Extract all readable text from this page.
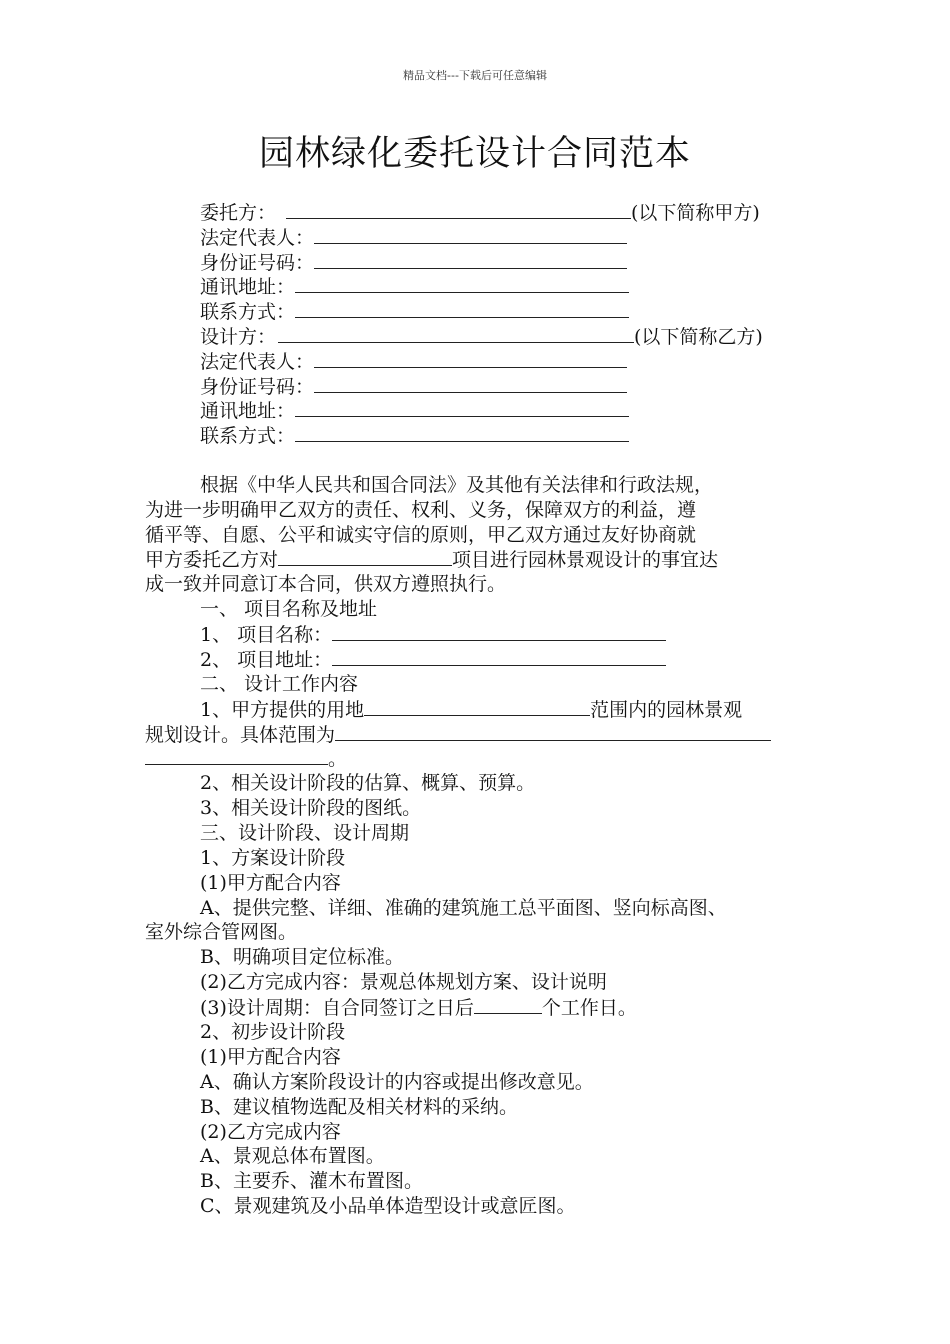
精品文档---下载后可任意编辑
园林绿化委托设计合同范本
委托方：	(以下简称甲方)
法定代表人：
身份证号码：
通讯地址：
联系方式：
设计方：	(以下简称乙方)
法定代表人：
身份证号码：
通讯地址：
联系方式：
根据《中华人民共和国合同法》及其他有关法律和行政法规，
为进一步明确甲乙双方的责任、权利、义务，保障双方的利益，遵
循平等、自愿、公平和诚实守信的原则，甲乙双方通过友好协商就
甲方委托乙方对	项目进行园林景观设计的事宜达
成一致并同意订本合同，供双方遵照执行。
一、 项目名称及地址
1、 项目名称：
2、 项目地址：
二、 设计工作内容
1、甲方提供的用地	范围内的园林景观
规划设计。具体范围为
。
2、相关设计阶段的估算、概算、预算。
3、相关设计阶段的图纸。
三、设计阶段、设计周期
1、方案设计阶段
(1)甲方配合内容
A、提供完整、详细、准确的建筑施工总平面图、竖向标高图、
室外综合管网图。
B、明确项目定位标准。
(2)乙方完成内容：景观总体规划方案、设计说明
(3)设计周期：自合同签订之日后	个工作日。
2、初步设计阶段
(1)甲方配合内容
A、确认方案阶段设计的内容或提出修改意见。
B、建议植物选配及相关材料的采纳。
(2)乙方完成内容
A、景观总体布置图。
B、主要乔、灌木布置图。
C、景观建筑及小品单体造型设计或意匠图。
